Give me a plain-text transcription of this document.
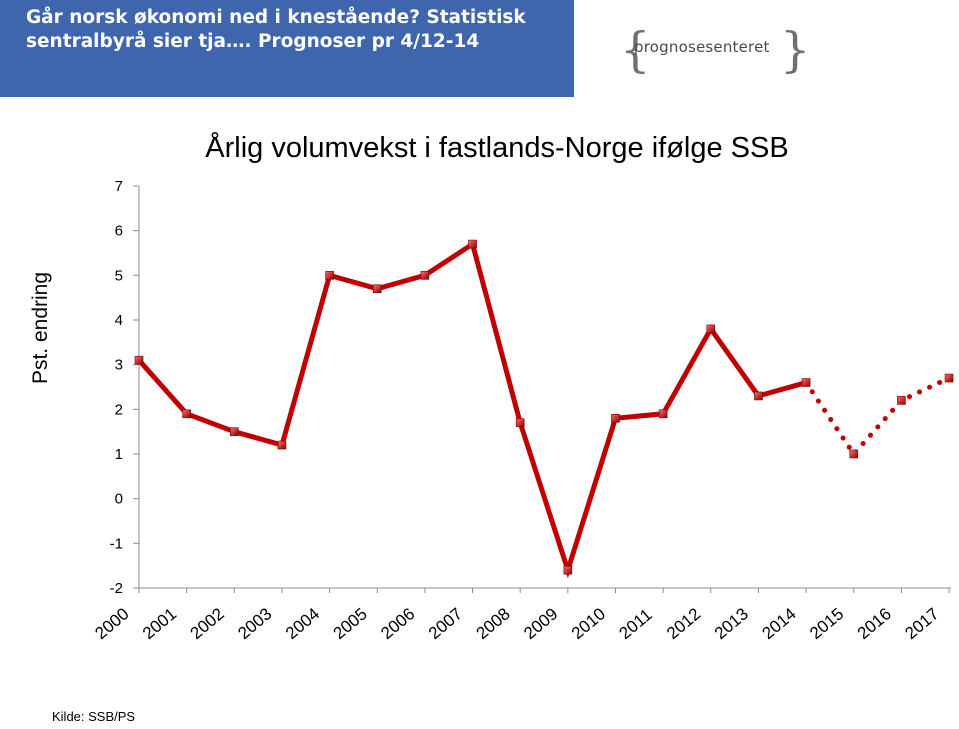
Går norsk økonomi ned i knestående? Statistisk sentralbyrå sier tja…. Prognoser pr 4/12-14	{
prognosesenteret }
Årlig volumvekst i fastlands-Norge ifølge SSB
Pst. endring
-2
-1
0
1
2
3
4
5
6
7
2000 2001 2002 2003 2004 2005 2006 2007 2008 2009 2010 2011 2012 2013 2014 2015 2016 2017
Kilde: SSB/PS
